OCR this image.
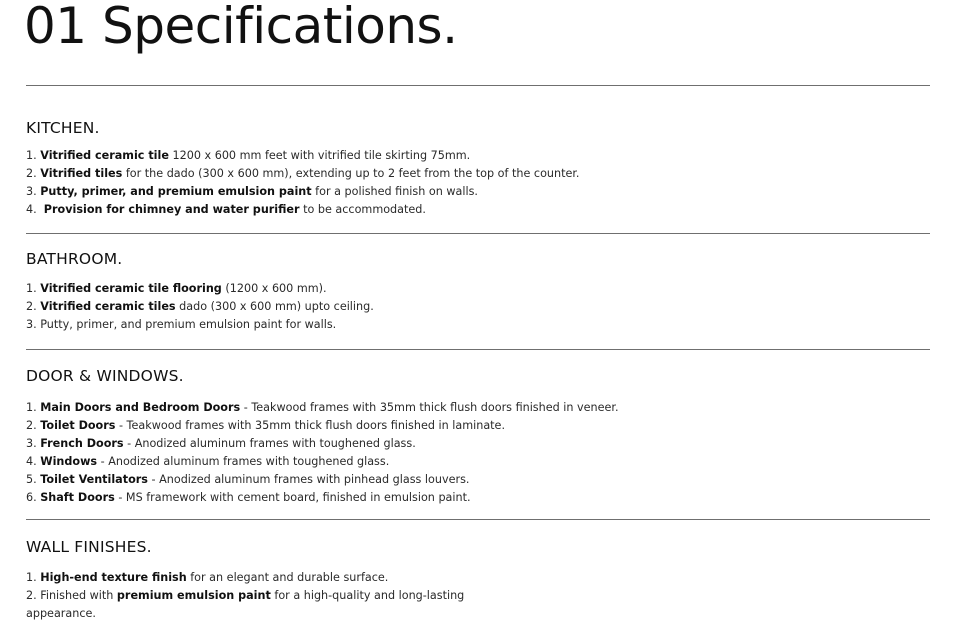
01 Specifications.
KITCHEN.
1. Vitrified ceramic tile 1200 x 600 mm feet with vitrified tile skirting 75mm.
2. Vitrified tiles for the dado (300 x 600 mm), extending up to 2 feet from the top of the counter.
3. Putty, primer, and premium emulsion paint for a polished finish on walls.
4.  Provision for chimney and water purifier to be accommodated.
BATHROOM.
1. Vitrified ceramic tile flooring (1200 x 600 mm).
2. Vitrified ceramic tiles dado (300 x 600 mm) upto ceiling.
3. Putty, primer, and premium emulsion paint for walls.
DOOR & WINDOWS.
1. Main Doors and Bedroom Doors - Teakwood frames with 35mm thick flush doors finished in veneer.
2. Toilet Doors - Teakwood frames with 35mm thick flush doors finished in laminate.
3. French Doors - Anodized aluminum frames with toughened glass.
4. Windows - Anodized aluminum frames with toughened glass.
5. Toilet Ventilators - Anodized aluminum frames with pinhead glass louvers.
6. Shaft Doors - MS framework with cement board, finished in emulsion paint.
WALL FINISHES.
1. High-end texture finish for an elegant and durable surface.
2. Finished with premium emulsion paint for a high-quality and long-lasting appearance.
